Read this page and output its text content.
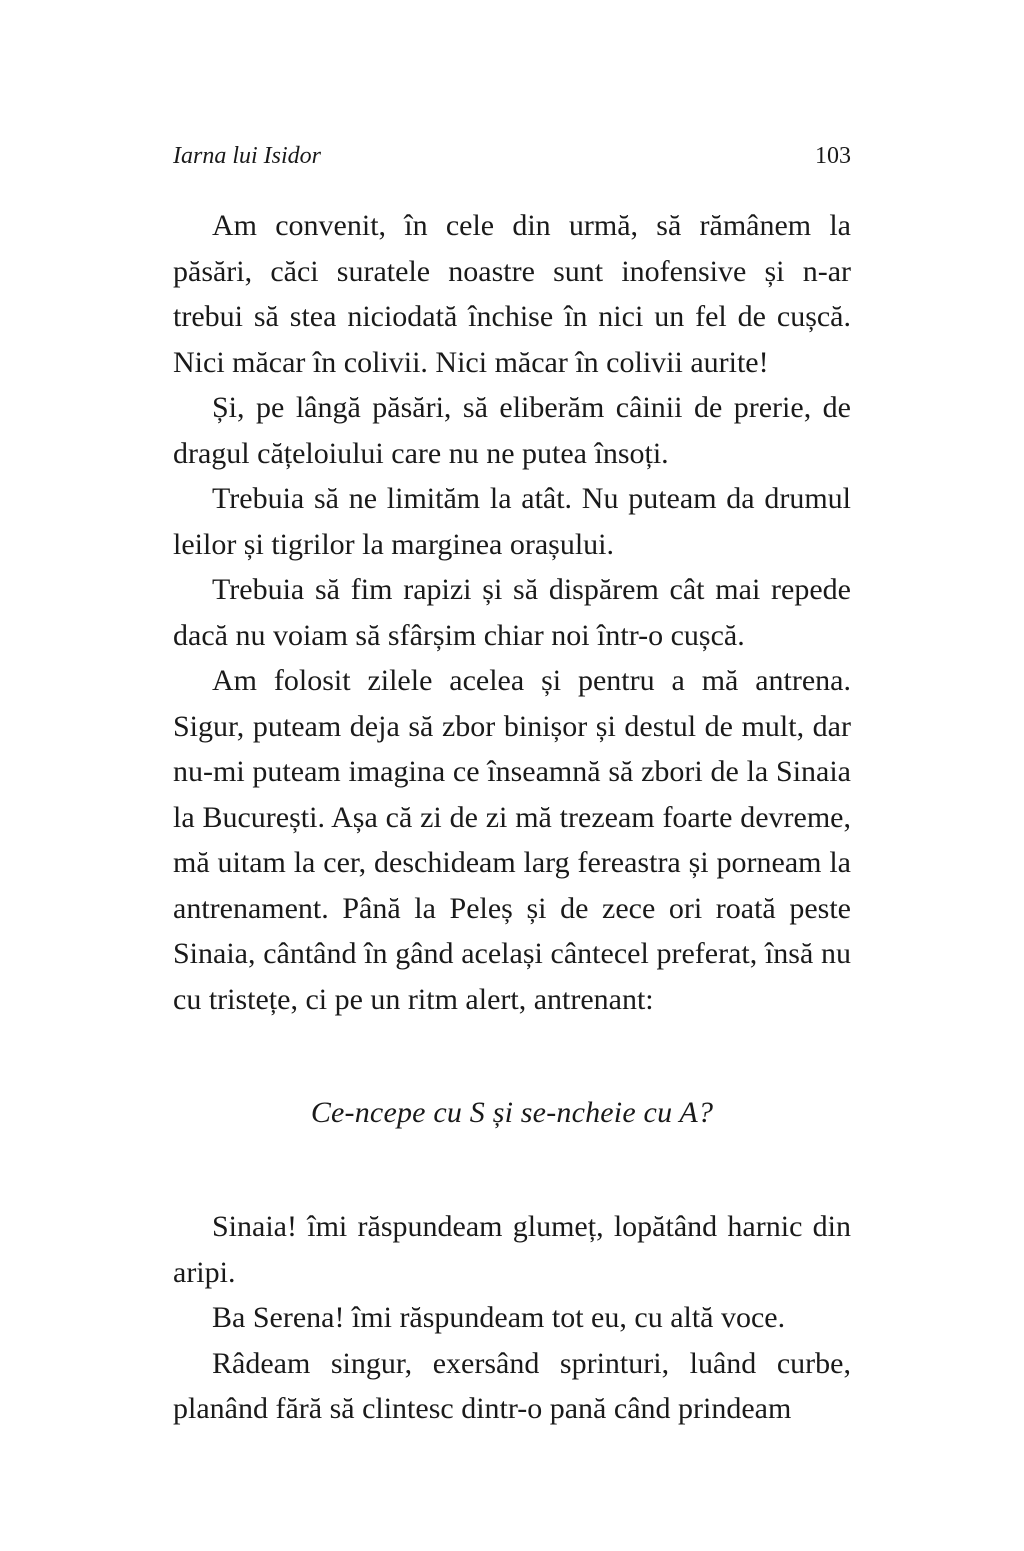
Iarna lui Isidor	103

Am convenit, în cele din urmă, să rămânem la păsări, căci suratele noastre sunt inofensive și n-ar trebui să stea niciodată închise în nici un fel de cușcă. Nici măcar în colivii. Nici măcar în colivii aurite!

Și, pe lângă păsări, să eliberăm câinii de prerie, de dragul cățeloiului care nu ne putea însoți.

Trebuia să ne limităm la atât. Nu puteam da drumul leilor și tigrilor la marginea orașului.

Trebuia să fim rapizi și să dispărem cât mai repede dacă nu voiam să sfârșim chiar noi într-o cușcă.

Am folosit zilele acelea și pentru a mă antrena. Sigur, puteam deja să zbor binișor și destul de mult, dar nu-mi puteam imagina ce înseamnă să zbori de la Sinaia la București. Așa că zi de zi mă trezeam foarte devreme, mă uitam la cer, deschideam larg fereastra și porneam la antrenament. Până la Peleș și de zece ori roată peste Sinaia, cântând în gând același cântecel preferat, însă nu cu tristețe, ci pe un ritm alert, antrenant:

Ce-ncepe cu S și se-ncheie cu A?

Sinaia! îmi răspundeam glumeț, lopătând harnic din aripi.

Ba Serena! îmi răspundeam tot eu, cu altă voce.

Râdeam singur, exersând sprinturi, luând curbe, planând fără să clintesc dintr-o pană când prindeam
